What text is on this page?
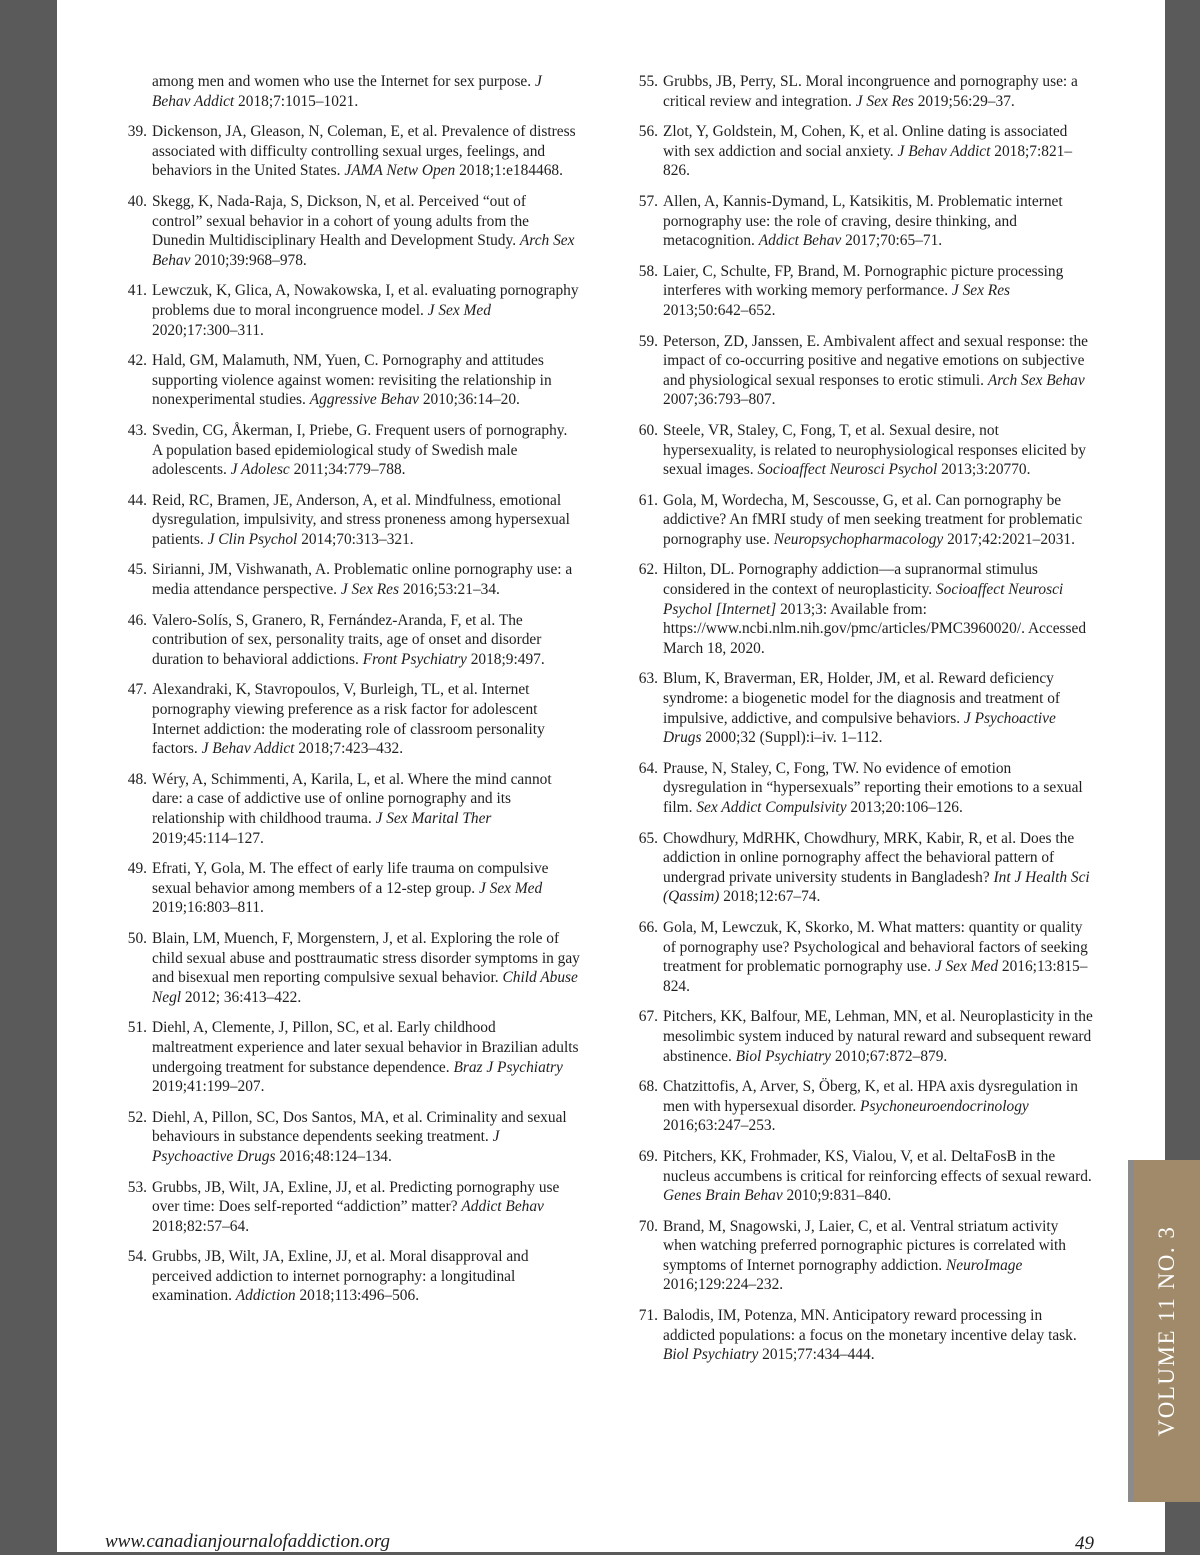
among men and women who use the Internet for sex purpose. J Behav Addict 2018;7:1015–1021.
39. Dickenson, JA, Gleason, N, Coleman, E, et al. Prevalence of distress associated with difficulty controlling sexual urges, feelings, and behaviors in the United States. JAMA Netw Open 2018;1:e184468.
40. Skegg, K, Nada-Raja, S, Dickson, N, et al. Perceived “out of control” sexual behavior in a cohort of young adults from the Dunedin Multidisciplinary Health and Development Study. Arch Sex Behav 2010;39:968–978.
41. Lewczuk, K, Glica, A, Nowakowska, I, et al. evaluating pornography problems due to moral incongruence model. J Sex Med 2020;17:300–311.
42. Hald, GM, Malamuth, NM, Yuen, C. Pornography and attitudes supporting violence against women: revisiting the relationship in nonexperimental studies. Aggressive Behav 2010;36:14–20.
43. Svedin, CG, Åkerman, I, Priebe, G. Frequent users of pornography. A population based epidemiological study of Swedish male adolescents. J Adolesc 2011;34:779–788.
44. Reid, RC, Bramen, JE, Anderson, A, et al. Mindfulness, emotional dysregulation, impulsivity, and stress proneness among hypersexual patients. J Clin Psychol 2014;70:313–321.
45. Sirianni, JM, Vishwanath, A. Problematic online pornography use: a media attendance perspective. J Sex Res 2016;53:21–34.
46. Valero-Solís, S, Granero, R, Fernández-Aranda, F, et al. The contribution of sex, personality traits, age of onset and disorder duration to behavioral addictions. Front Psychiatry 2018;9:497.
47. Alexandraki, K, Stavropoulos, V, Burleigh, TL, et al. Internet pornography viewing preference as a risk factor for adolescent Internet addiction: the moderating role of classroom personality factors. J Behav Addict 2018;7:423–432.
48. Wéry, A, Schimmenti, A, Karila, L, et al. Where the mind cannot dare: a case of addictive use of online pornography and its relationship with childhood trauma. J Sex Marital Ther 2019;45:114–127.
49. Efrati, Y, Gola, M. The effect of early life trauma on compulsive sexual behavior among members of a 12-step group. J Sex Med 2019;16:803–811.
50. Blain, LM, Muench, F, Morgenstern, J, et al. Exploring the role of child sexual abuse and posttraumatic stress disorder symptoms in gay and bisexual men reporting compulsive sexual behavior. Child Abuse Negl 2012; 36:413–422.
51. Diehl, A, Clemente, J, Pillon, SC, et al. Early childhood maltreatment experience and later sexual behavior in Brazilian adults undergoing treatment for substance dependence. Braz J Psychiatry 2019;41:199–207.
52. Diehl, A, Pillon, SC, Dos Santos, MA, et al. Criminality and sexual behaviours in substance dependents seeking treatment. J Psychoactive Drugs 2016;48:124–134.
53. Grubbs, JB, Wilt, JA, Exline, JJ, et al. Predicting pornography use over time: Does self-reported “addiction” matter? Addict Behav 2018;82:57–64.
54. Grubbs, JB, Wilt, JA, Exline, JJ, et al. Moral disapproval and perceived addiction to internet pornography: a longitudinal examination. Addiction 2018;113:496–506.
55. Grubbs, JB, Perry, SL. Moral incongruence and pornography use: a critical review and integration. J Sex Res 2019;56:29–37.
56. Zlot, Y, Goldstein, M, Cohen, K, et al. Online dating is associated with sex addiction and social anxiety. J Behav Addict 2018;7:821–826.
57. Allen, A, Kannis-Dymand, L, Katsikitis, M. Problematic internet pornography use: the role of craving, desire thinking, and metacognition. Addict Behav 2017;70:65–71.
58. Laier, C, Schulte, FP, Brand, M. Pornographic picture processing interferes with working memory performance. J Sex Res 2013;50:642–652.
59. Peterson, ZD, Janssen, E. Ambivalent affect and sexual response: the impact of co-occurring positive and negative emotions on subjective and physiological sexual responses to erotic stimuli. Arch Sex Behav 2007;36:793–807.
60. Steele, VR, Staley, C, Fong, T, et al. Sexual desire, not hypersexuality, is related to neurophysiological responses elicited by sexual images. Socioaffect Neurosci Psychol 2013;3:20770.
61. Gola, M, Wordecha, M, Sescousse, G, et al. Can pornography be addictive? An fMRI study of men seeking treatment for problematic pornography use. Neuropsychopharmacology 2017;42:2021–2031.
62. Hilton, DL. Pornography addiction—a supranormal stimulus considered in the context of neuroplasticity. Socioaffect Neurosci Psychol [Internet] 2013;3: Available from: https://www.ncbi.nlm.nih.gov/pmc/articles/PMC3960020/. Accessed March 18, 2020.
63. Blum, K, Braverman, ER, Holder, JM, et al. Reward deficiency syndrome: a biogenetic model for the diagnosis and treatment of impulsive, addictive, and compulsive behaviors. J Psychoactive Drugs 2000;32 (Suppl):i–iv. 1–112.
64. Prause, N, Staley, C, Fong, TW. No evidence of emotion dysregulation in “hypersexuals” reporting their emotions to a sexual film. Sex Addict Compulsivity 2013;20:106–126.
65. Chowdhury, MdRHK, Chowdhury, MRK, Kabir, R, et al. Does the addiction in online pornography affect the behavioral pattern of undergrad private university students in Bangladesh? Int J Health Sci (Qassim) 2018;12:67–74.
66. Gola, M, Lewczuk, K, Skorko, M. What matters: quantity or quality of pornography use? Psychological and behavioral factors of seeking treatment for problematic pornography use. J Sex Med 2016;13:815–824.
67. Pitchers, KK, Balfour, ME, Lehman, MN, et al. Neuroplasticity in the mesolimbic system induced by natural reward and subsequent reward abstinence. Biol Psychiatry 2010;67:872–879.
68. Chatzittofis, A, Arver, S, Öberg, K, et al. HPA axis dysregulation in men with hypersexual disorder. Psychoneuroendocrinology 2016;63:247–253.
69. Pitchers, KK, Frohmader, KS, Vialou, V, et al. DeltaFosB in the nucleus accumbens is critical for reinforcing effects of sexual reward. Genes Brain Behav 2010;9:831–840.
70. Brand, M, Snagowski, J, Laier, C, et al. Ventral striatum activity when watching preferred pornographic pictures is correlated with symptoms of Internet pornography addiction. NeuroImage 2016;129:224–232.
71. Balodis, IM, Potenza, MN. Anticipatory reward processing in addicted populations: a focus on the monetary incentive delay task. Biol Psychiatry 2015;77:434–444.
www.canadianjournalofaddiction.org	49
VOLUME 11 NO. 3
